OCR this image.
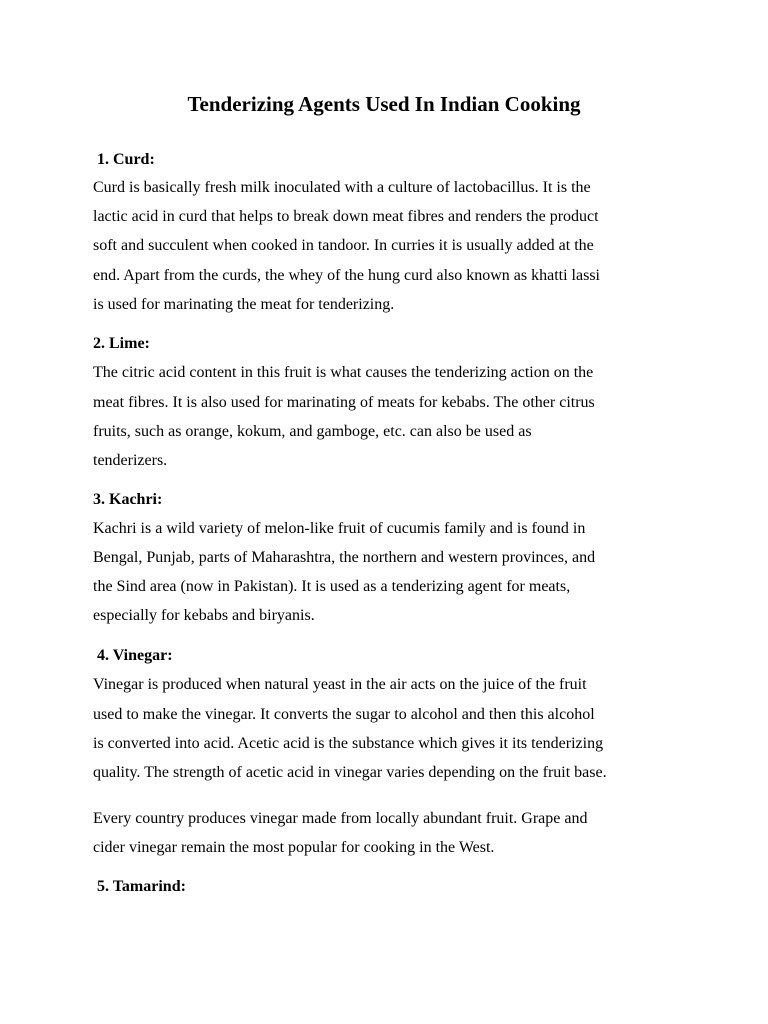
Tenderizing Agents Used In Indian Cooking
1. Curd:
Curd is basically fresh milk inoculated with a culture of lactobacillus. It is the
lactic acid in curd that helps to break down meat fibres and renders the product
soft and succulent when cooked in tandoor. In curries it is usually added at the
end. Apart from the curds, the whey of the hung curd also known as khatti lassi
is used for marinating the meat for tenderizing.
2. Lime:
The citric acid content in this fruit is what causes the tenderizing action on the
meat fibres. It is also used for marinating of meats for kebabs. The other citrus
fruits, such as orange, kokum, and gamboge, etc. can also be used as
tenderizers.
3. Kachri:
Kachri is a wild variety of melon-like fruit of cucumis family and is found in
Bengal, Punjab, parts of Maharashtra, the northern and western provinces, and
the Sind area (now in Pakistan). It is used as a tenderizing agent for meats,
especially for kebabs and biryanis.
4. Vinegar:
Vinegar is produced when natural yeast in the air acts on the juice of the fruit
used to make the vinegar. It converts the sugar to alcohol and then this alcohol
is converted into acid. Acetic acid is the substance which gives it its tenderizing
quality. The strength of acetic acid in vinegar varies depending on the fruit base.
Every country produces vinegar made from locally abundant fruit. Grape and
cider vinegar remain the most popular for cooking in the West.
5. Tamarind:
